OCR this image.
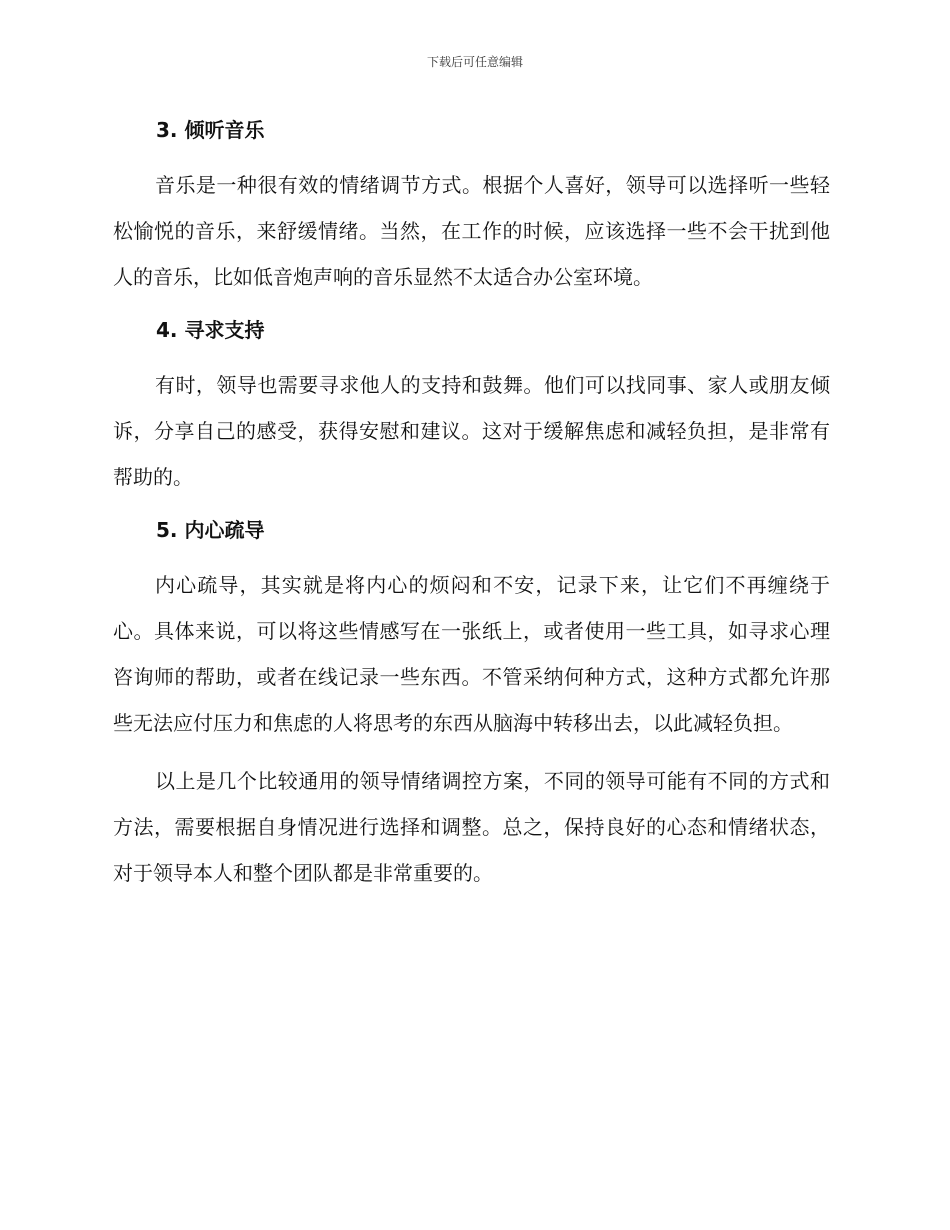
下载后可任意编辑
3. 倾听音乐

音乐是一种很有效的情绪调节方式。根据个人喜好，领导可以选择听一些轻松愉悦的音乐，来舒缓情绪。当然，在工作的时候，应该选择一些不会干扰到他人的音乐，比如低音炮声响的音乐显然不太适合办公室环境。

4. 寻求支持

有时，领导也需要寻求他人的支持和鼓舞。他们可以找同事、家人或朋友倾诉，分享自己的感受，获得安慰和建议。这对于缓解焦虑和减轻负担，是非常有帮助的。

5. 内心疏导

内心疏导，其实就是将内心的烦闷和不安，记录下来，让它们不再缠绕于心。具体来说，可以将这些情感写在一张纸上，或者使用一些工具，如寻求心理咨询师的帮助，或者在线记录一些东西。不管采纳何种方式，这种方式都允许那些无法应付压力和焦虑的人将思考的东西从脑海中转移出去，以此减轻负担。

以上是几个比较通用的领导情绪调控方案，不同的领导可能有不同的方式和方法，需要根据自身情况进行选择和调整。总之，保持良好的心态和情绪状态，对于领导本人和整个团队都是非常重要的。
